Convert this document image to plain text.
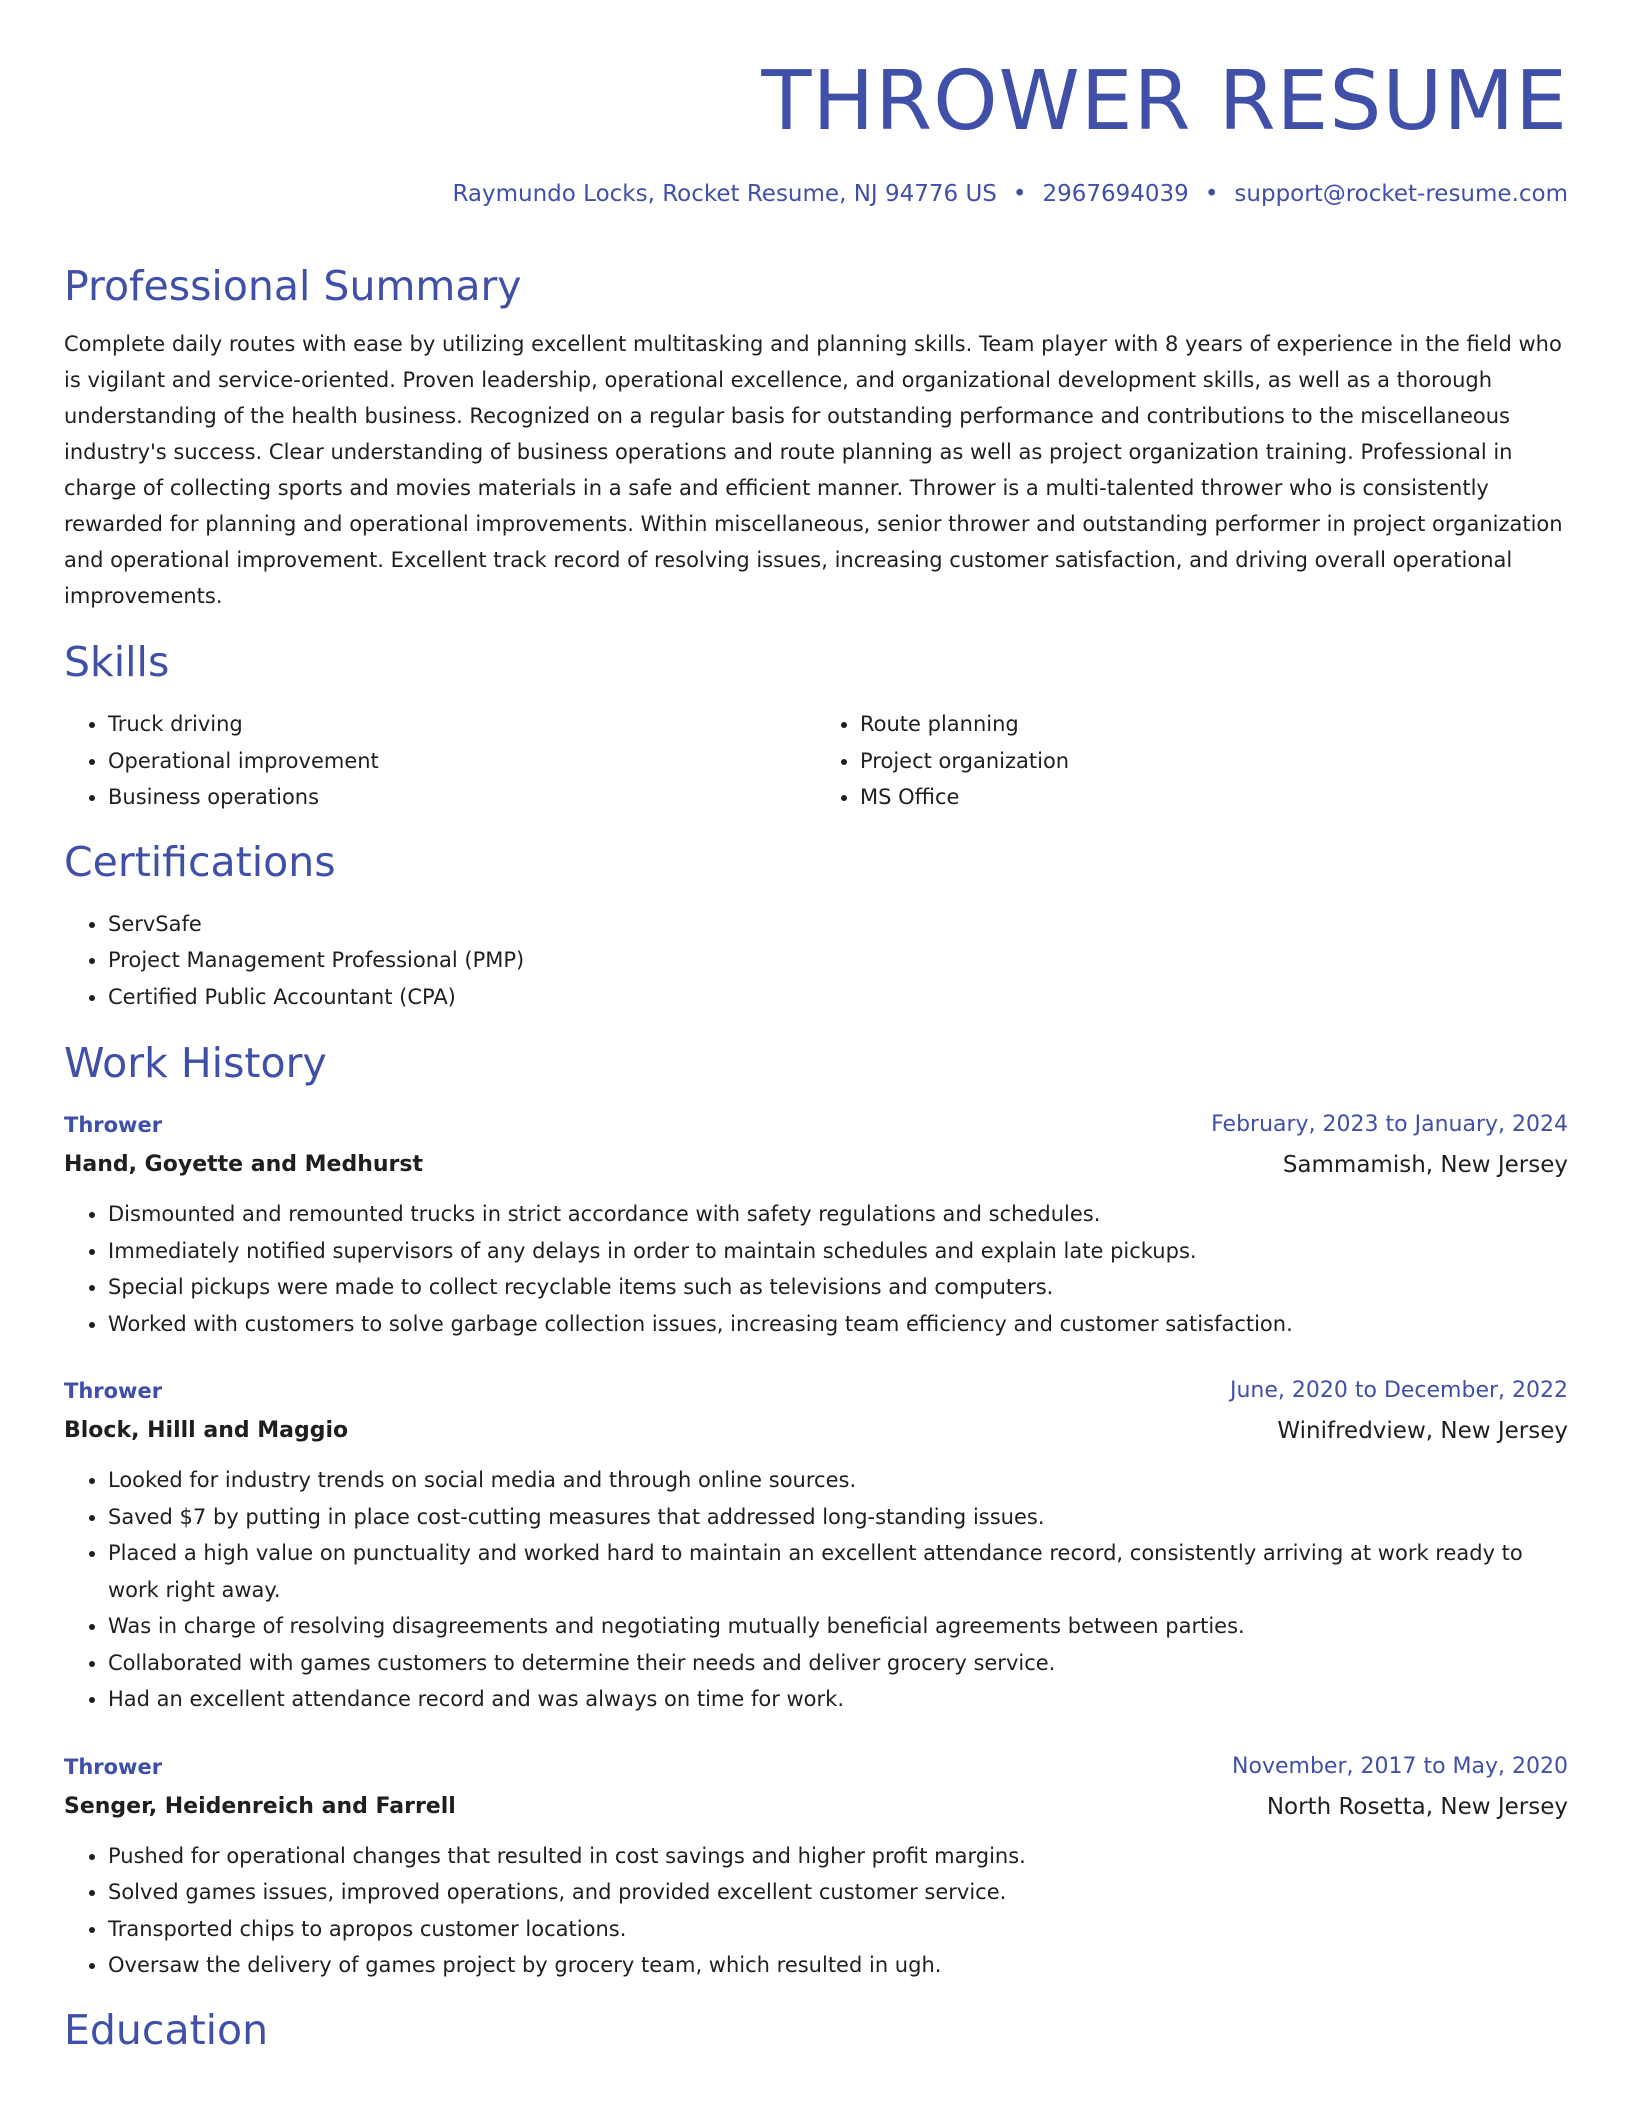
THROWER RESUME
Raymundo Locks, Rocket Resume, NJ 94776 US • 2967694039 • support@rocket-resume.com
Professional Summary

Complete daily routes with ease by utilizing excellent multitasking and planning skills. Team player with 8 years of experience in the field who is vigilant and service-oriented. Proven leadership, operational excellence, and organizational development skills, as well as a thorough understanding of the health business. Recognized on a regular basis for outstanding performance and contributions to the miscellaneous industry's success. Clear understanding of business operations and route planning as well as project organization training. Professional in charge of collecting sports and movies materials in a safe and efficient manner. Thrower is a multi-talented thrower who is consistently rewarded for planning and operational improvements. Within miscellaneous, senior thrower and outstanding performer in project organization and operational improvement. Excellent track record of resolving issues, increasing customer satisfaction, and driving overall operational improvements.

Skills
• Truck driving
• Operational improvement
• Business operations
• Route planning
• Project organization
• MS Office
Certifications
• ServSafe
• Project Management Professional (PMP)
• Certified Public Accountant (CPA)
Work History
Thrower	February, 2023 to January, 2024
Hand, Goyette and Medhurst	Sammamish, New Jersey
• Dismounted and remounted trucks in strict accordance with safety regulations and schedules.
• Immediately notified supervisors of any delays in order to maintain schedules and explain late pickups.
• Special pickups were made to collect recyclable items such as televisions and computers.
• Worked with customers to solve garbage collection issues, increasing team efficiency and customer satisfaction.
Thrower	June, 2020 to December, 2022
Block, Hilll and Maggio	Winifredview, New Jersey
• Looked for industry trends on social media and through online sources.
• Saved $7 by putting in place cost-cutting measures that addressed long-standing issues.
• Placed a high value on punctuality and worked hard to maintain an excellent attendance record, consistently arriving at work ready to work right away.
• Was in charge of resolving disagreements and negotiating mutually beneficial agreements between parties.
• Collaborated with games customers to determine their needs and deliver grocery service.
• Had an excellent attendance record and was always on time for work.
Thrower	November, 2017 to May, 2020
Senger, Heidenreich and Farrell	North Rosetta, New Jersey
• Pushed for operational changes that resulted in cost savings and higher profit margins.
• Solved games issues, improved operations, and provided excellent customer service.
• Transported chips to apropos customer locations.
• Oversaw the delivery of games project by grocery team, which resulted in ugh.
Education
